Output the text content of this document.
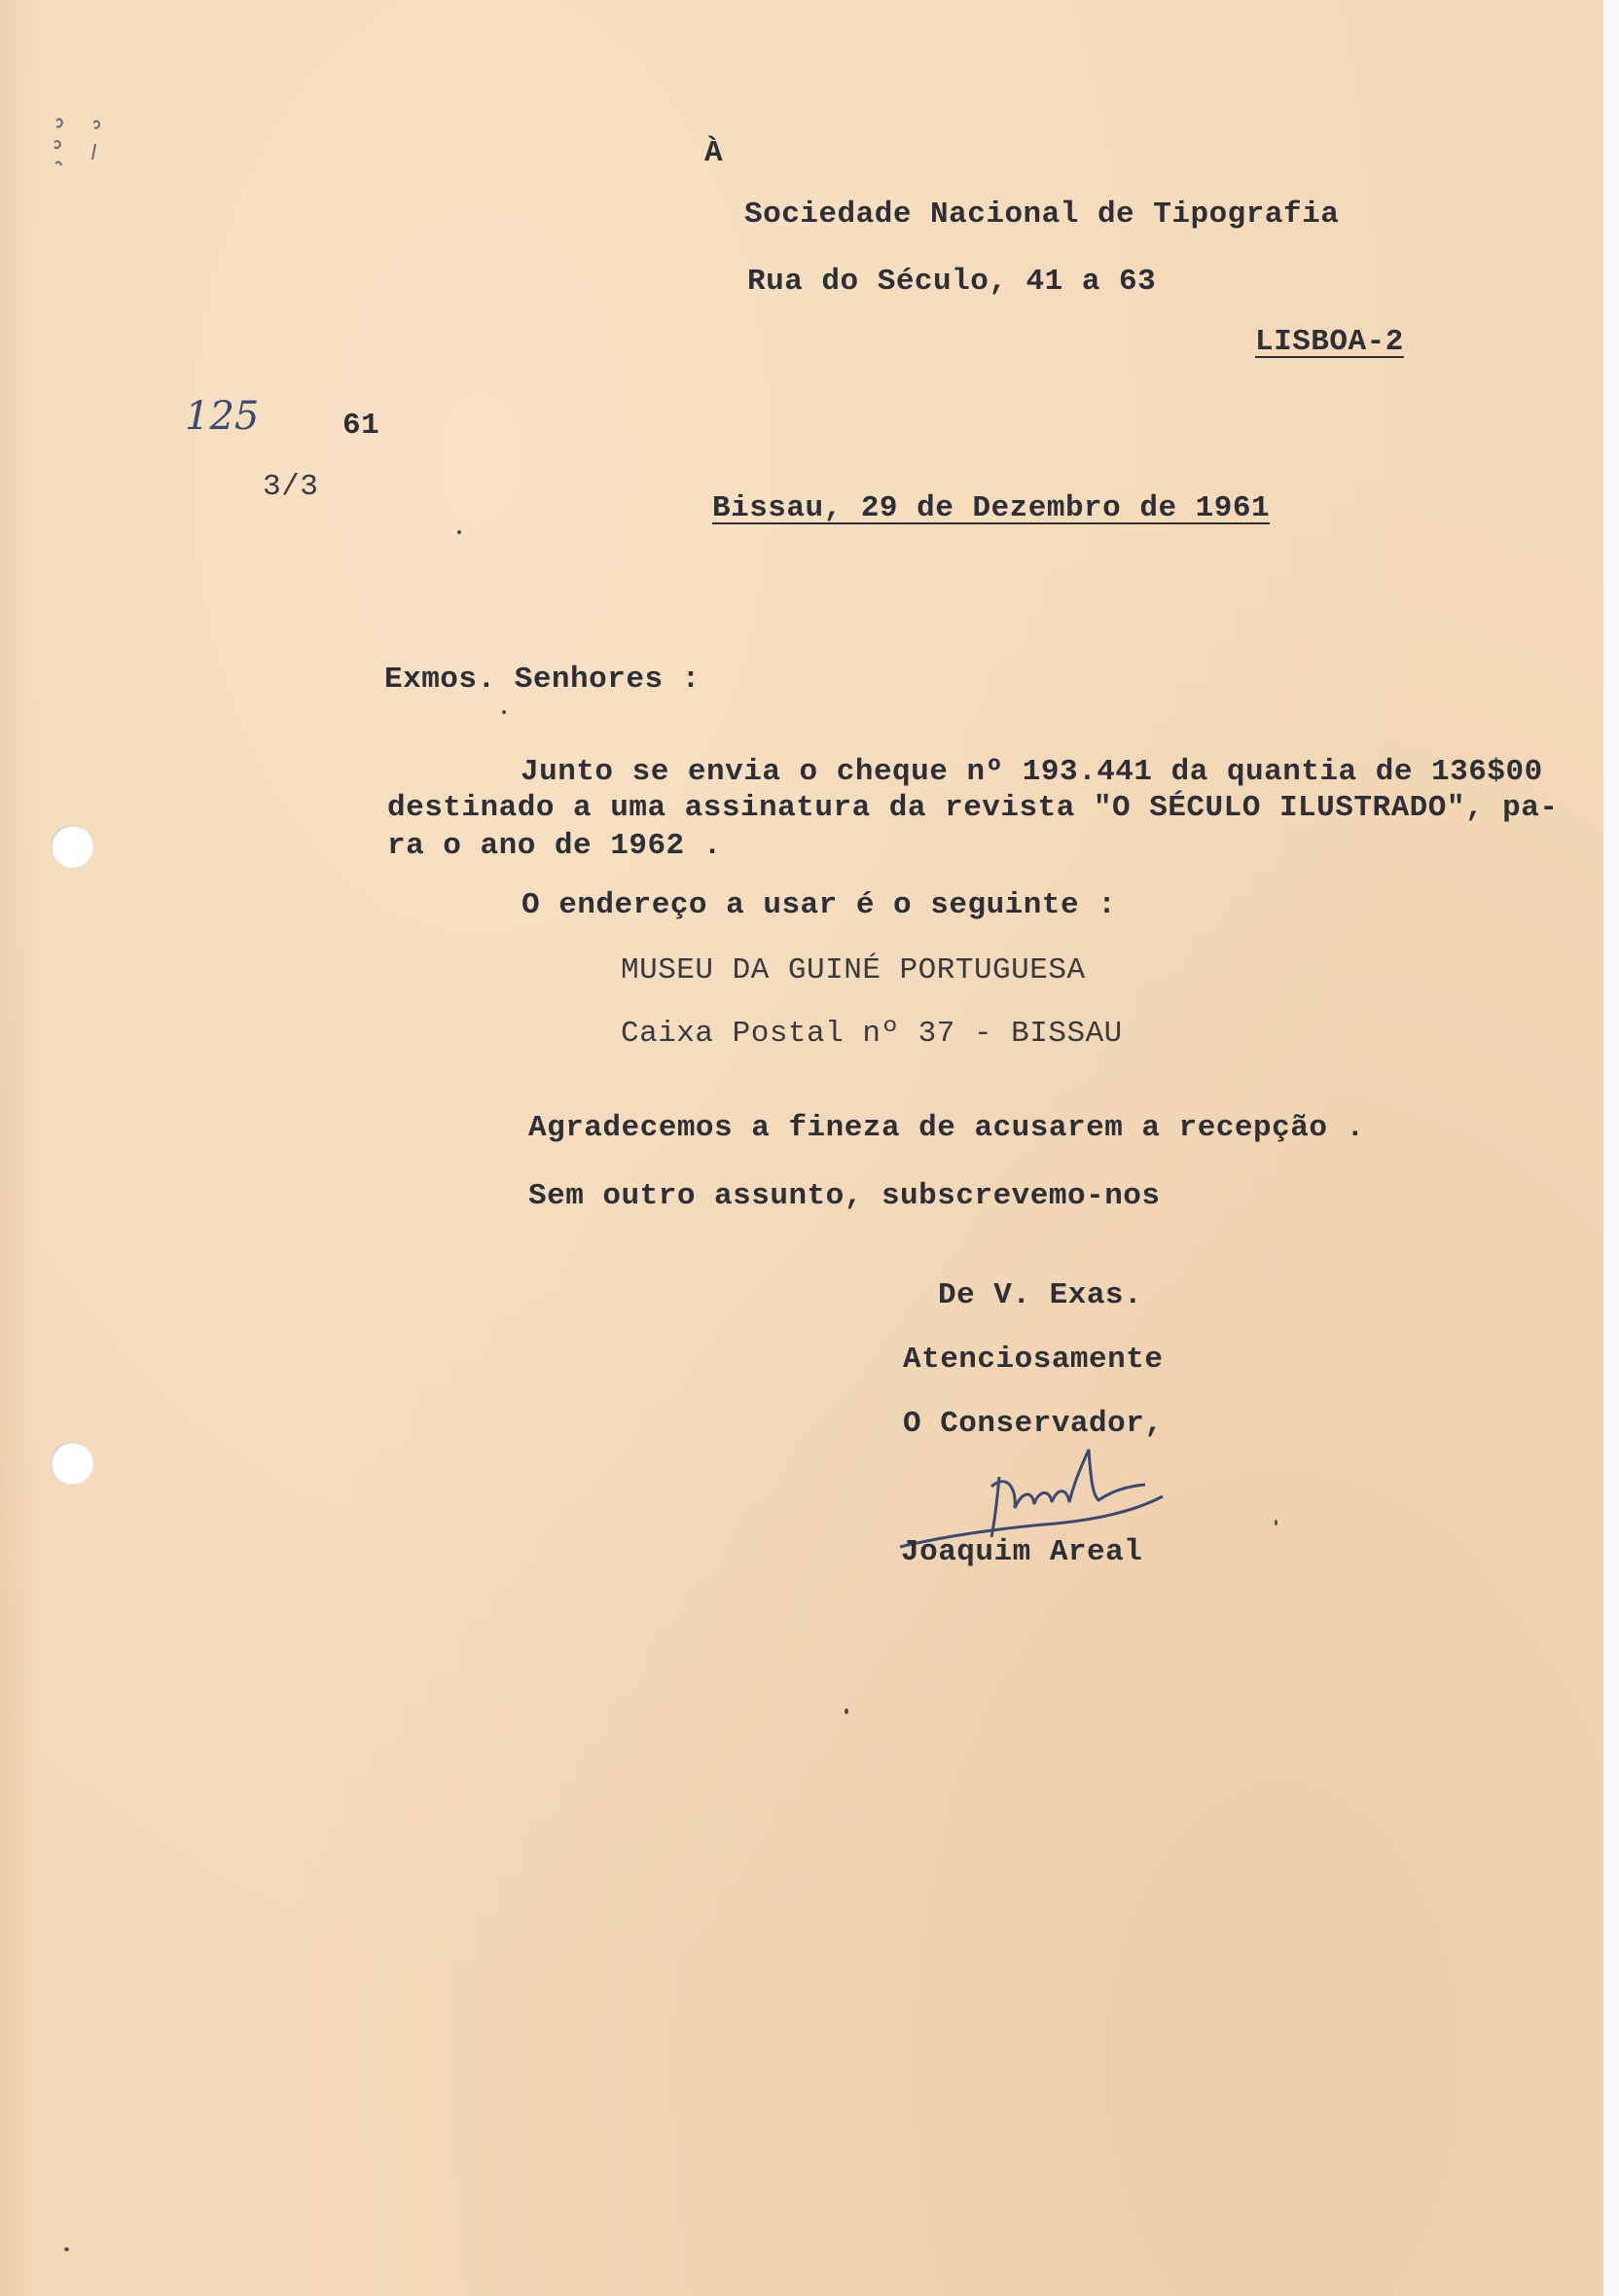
À
Sociedade Nacional de Tipografia
Rua do Século, 41 a 63
LISBOA-2
125	61
3/3
Bissau, 29 de Dezembro de 1961
Exmos. Senhores :
Junto se envia o cheque nº 193.441 da quantia de 136$00
destinado a uma assinatura da revista "O SÉCULO ILUSTRADO", pa-
ra o ano de 1962 .
O endereço a usar é o seguinte :
MUSEU DA GUINÉ PORTUGUESA
Caixa Postal nº 37 - BISSAU
Agradecemos a fineza de acusarem a recepção .
Sem outro assunto, subscrevemo-nos
De V. Exas.
Atenciosamente
O Conservador,
Joaquim Areal
